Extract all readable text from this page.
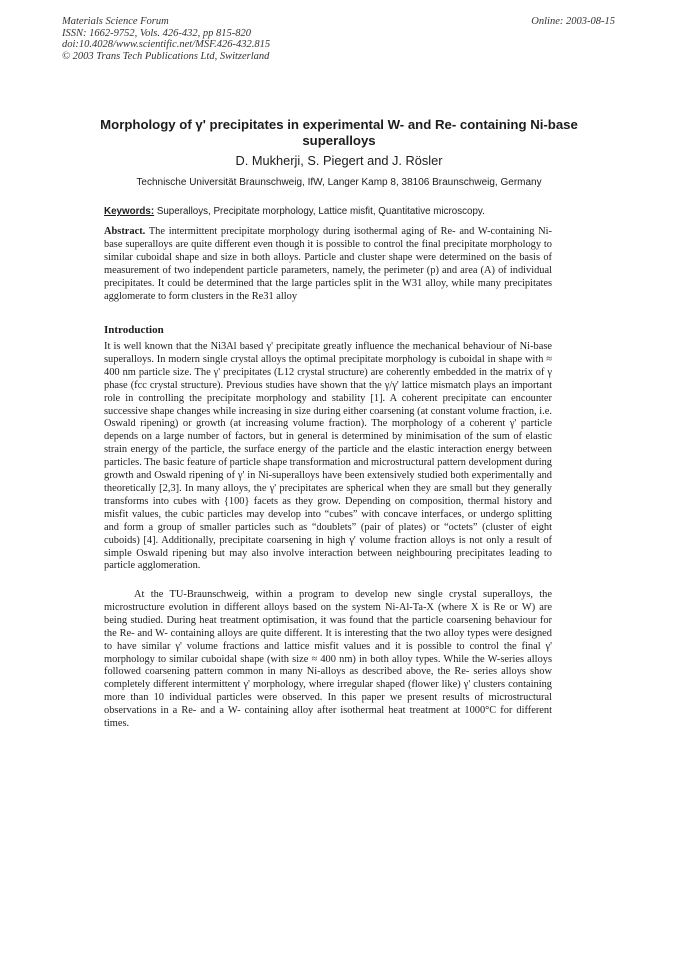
Materials Science Forum
ISSN: 1662-9752, Vols. 426-432, pp 815-820
doi:10.4028/www.scientific.net/MSF.426-432.815
© 2003 Trans Tech Publications Ltd, Switzerland
Online: 2003-08-15
Morphology of γ' precipitates in experimental W- and Re- containing Ni-base superalloys
D. Mukherji, S. Piegert and J. Rösler
Technische Universität Braunschweig, IfW, Langer Kamp 8, 38106 Braunschweig, Germany
Keywords: Superalloys, Precipitate morphology, Lattice misfit, Quantitative microscopy.
Abstract. The intermittent precipitate morphology during isothermal aging of Re- and W-containing Ni- base superalloys are quite different even though it is possible to control the final precipitate morphology to similar cuboidal shape and size in both alloys. Particle and cluster shape were determined on the basis of measurement of two independent particle parameters, namely, the perimeter (p) and area (A) of individual precipitates. It could be determined that the large particles split in the W31 alloy, while many precipitates agglomerate to form clusters in the Re31 alloy
Introduction
It is well known that the Ni3Al based γ' precipitate greatly influence the mechanical behaviour of Ni-base superalloys. In modern single crystal alloys the optimal precipitate morphology is cuboidal in shape with ≈ 400 nm particle size. The γ' precipitates (L12 crystal structure) are coherently embedded in the matrix of γ phase (fcc crystal structure). Previous studies have shown that the γ/γ' lattice mismatch plays an important role in controlling the precipitate morphology and stability [1]. A coherent precipitate can encounter successive shape changes while increasing in size during either coarsening (at constant volume fraction, i.e. Oswald ripening) or growth (at increasing volume fraction). The morphology of a coherent γ' particle depends on a large number of factors, but in general is determined by minimisation of the sum of elastic strain energy of the particle, the surface energy of the particle and the elastic interaction energy between particles. The basic feature of particle shape transformation and microstructural pattern development during growth and Oswald ripening of γ' in Ni-superalloys have been extensively studied both experimentally and theoretically [2,3]. In many alloys, the γ' precipitates are spherical when they are small but they generally transforms into cubes with {100} facets as they grow. Depending on composition, thermal history and misfit values, the cubic particles may develop into “cubes” with concave interfaces, or undergo splitting and form a group of smaller particles such as “doublets” (pair of plates) or “octets” (cluster of eight cuboids) [4]. Additionally, precipitate coarsening in high γ' volume fraction alloys is not only a result of simple Oswald ripening but may also involve interaction between neighbouring precipitates leading to particle agglomeration.
At the TU-Braunschweig, within a program to develop new single crystal superalloys, the microstructure evolution in different alloys based on the system Ni-Al-Ta-X (where X is Re or W) are being studied. During heat treatment optimisation, it was found that the particle coarsening behaviour for the Re- and W- containing alloys are quite different. It is interesting that the two alloy types were designed to have similar γ' volume fractions and lattice misfit values and it is possible to control the final γ' morphology to similar cuboidal shape (with size ≈ 400 nm) in both alloy types. While the W-series alloys followed coarsening pattern common in many Ni-alloys as described above, the Re- series alloys show completely different intermittent γ' morphology, where irregular shaped (flower like) γ' clusters containing more than 10 individual particles were observed. In this paper we present results of microstructural observations in a Re- and a W- containing alloy after isothermal heat treatment at 1000°C for different times.
